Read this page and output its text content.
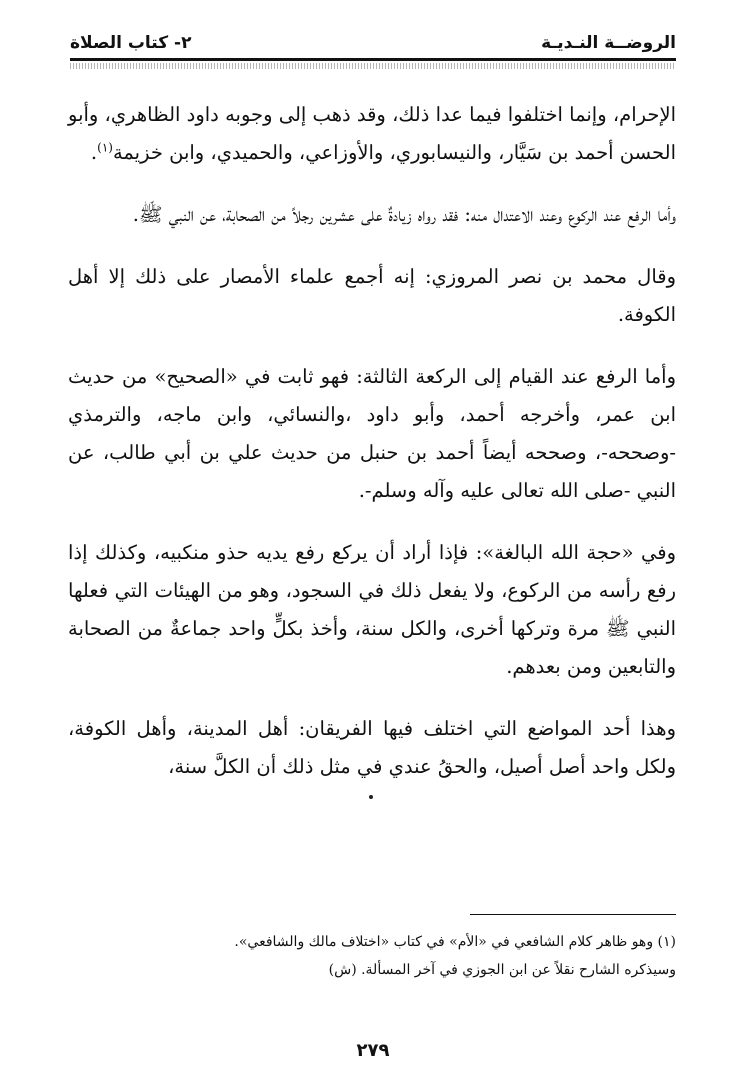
الروضــة النـديـة
٢- كتاب الصلاة

الإحرام، وإنما اختلفوا فيما عدا ذلك، وقد ذهب إلى وجوبه داود الظاهري، وأبو الحسن أحمد بن سَيَّار، والنيسابوري، والأوزاعي، والحميدي، وابن خزيمة$^{(١)}$.

وأما الرفع عند الركوع وعند الاعتدال منه: فقد رواه زيادةٌ على عشرين رجلاً من الصحابة، عن النبي ﷺ.

وقال محمد بن نصر المروزي: إنه أجمع علماء الأمصار على ذلك إلا أهل الكوفة.

وأما الرفع عند القيام إلى الركعة الثالثة: فهو ثابت في «الصحيح» من حديث ابن عمر، وأخرجه أحمد، وأبو داود ،والنسائي، وابن ماجه، والترمذي -وصححه-، وصححه أيضاً أحمد بن حنبل من حديث علي بن أبي طالب، عن النبي -صلى الله تعالى عليه وآله وسلم-.

وفي «حجة الله البالغة»: فإذا أراد أن يركع رفع يديه حذو منكبيه، وكذلك إذا رفع رأسه من الركوع، ولا يفعل ذلك في السجود، وهو من الهيئات التي فعلها النبي ﷺ مرة وتركها أخرى، والكل سنة، وأخذ بكلٍّ واحد جماعةٌ من الصحابة والتابعين ومن بعدهم.

وهذا أحد المواضع التي اختلف فيها الفريقان: أهل المدينة، وأهل الكوفة، ولكل واحد أصل أصيل، والحقُ عندي في مثل ذلك أن الكلَّ سنة،

(١) وهو ظاهر كلام الشافعي في «الأم» في كتاب «اختلاف مالك والشافعي».

وسيذكره الشارح نقلاً عن ابن الجوزي في آخر المسألة. (ش)

٢٧٩
